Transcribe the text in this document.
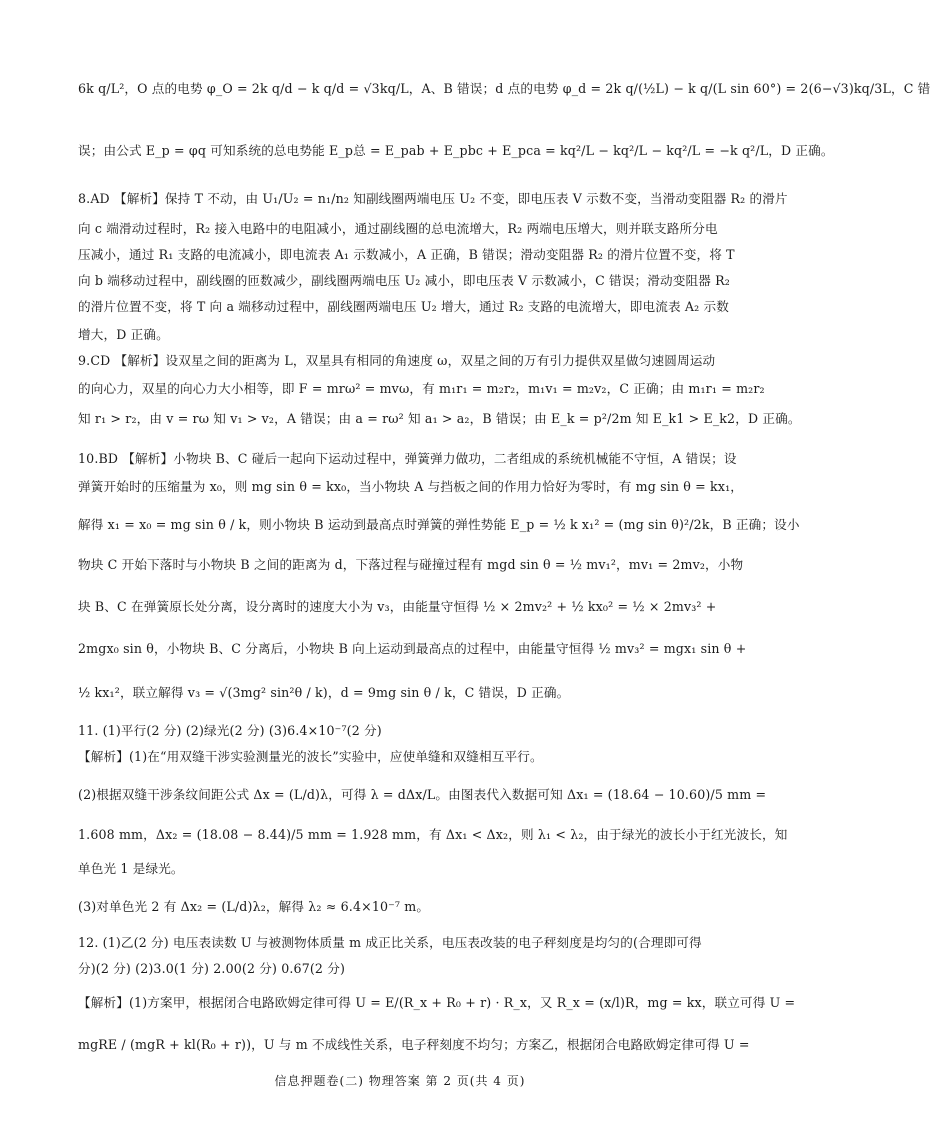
6k q/L²，O 点的电势 φ_O = 2k q/d − k q/d = √3kq/L，A、B 错误；d 点的电势 φ_d = 2k q/(½L) − k q/(L sin 60°) = 2(6−√3)kq/3L，C 错
误；由公式 E_p = φq 可知系统的总电势能 E_p总 = E_pab + E_pbc + E_pca = kq²/L − kq²/L − kq²/L = −k q²/L，D 正确。
8.AD 【解析】保持 T 不动，由 U₁/U₂ = n₁/n₂ 知副线圈两端电压 U₂ 不变，即电压表 V 示数不变，当滑动变阻器 R₂ 的滑片
向 c 端滑动过程时，R₂ 接入电路中的电阻减小，通过副线圈的总电流增大，R₂ 两端电压增大，则并联支路所分电
压减小，通过 R₁ 支路的电流减小，即电流表 A₁ 示数减小，A 正确，B 错误；滑动变阻器 R₂ 的滑片位置不变，将 T
向 b 端移动过程中，副线圈的匝数减少，副线圈两端电压 U₂ 减小，即电压表 V 示数减小，C 错误；滑动变阻器 R₂
的滑片位置不变，将 T 向 a 端移动过程中，副线圈两端电压 U₂ 增大，通过 R₂ 支路的电流增大，即电流表 A₂ 示数
增大，D 正确。
9.CD 【解析】设双星之间的距离为 L，双星具有相同的角速度 ω，双星之间的万有引力提供双星做匀速圆周运动
的向心力，双星的向心力大小相等，即 F = mrω² = mvω，有 m₁r₁ = m₂r₂，m₁v₁ = m₂v₂，C 正确；由 m₁r₁ = m₂r₂
知 r₁ > r₂，由 v = rω 知 v₁ > v₂，A 错误；由 a = rω² 知 a₁ > a₂，B 错误；由 E_k = p²/2m 知 E_k1 > E_k2，D 正确。
10.BD 【解析】小物块 B、C 碰后一起向下运动过程中，弹簧弹力做功，二者组成的系统机械能不守恒，A 错误；设
弹簧开始时的压缩量为 x₀，则 mg sin θ = kx₀，当小物块 A 与挡板之间的作用力恰好为零时，有 mg sin θ = kx₁，
解得 x₁ = x₀ = mg sin θ / k，则小物块 B 运动到最高点时弹簧的弹性势能 E_p = ½ k x₁² = (mg sin θ)²/2k，B 正确；设小
物块 C 开始下落时与小物块 B 之间的距离为 d，下落过程与碰撞过程有 mgd sin θ = ½ mv₁²，mv₁ = 2mv₂，小物
块 B、C 在弹簧原长处分离，设分离时的速度大小为 v₃，由能量守恒得 ½ × 2mv₂² + ½ kx₀² = ½ × 2mv₃² +
2mgx₀ sin θ，小物块 B、C 分离后，小物块 B 向上运动到最高点的过程中，由能量守恒得 ½ mv₃² = mgx₁ sin θ +
½ kx₁²，联立解得 v₃ = √(3mg² sin²θ / k)，d = 9mg sin θ / k，C 错误，D 正确。
11. (1)平行(2 分) (2)绿光(2 分) (3)6.4×10⁻⁷(2 分)
【解析】(1)在“用双缝干涉实验测量光的波长”实验中，应使单缝和双缝相互平行。
(2)根据双缝干涉条纹间距公式 Δx = (L/d)λ，可得 λ = dΔx/L。由图表代入数据可知 Δx₁ = (18.64 − 10.60)/5 mm =
1.608 mm，Δx₂ = (18.08 − 8.44)/5 mm = 1.928 mm，有 Δx₁ < Δx₂，则 λ₁ < λ₂，由于绿光的波长小于红光波长，知
单色光 1 是绿光。
(3)对单色光 2 有 Δx₂ = (L/d)λ₂，解得 λ₂ ≈ 6.4×10⁻⁷ m。
12. (1)乙(2 分) 电压表读数 U 与被测物体质量 m 成正比关系，电压表改装的电子秤刻度是均匀的(合理即可得
分)(2 分) (2)3.0(1 分) 2.00(2 分) 0.67(2 分)
【解析】(1)方案甲，根据闭合电路欧姆定律可得 U = E/(R_x + R₀ + r) · R_x，又 R_x = (x/l)R，mg = kx，联立可得 U =
mgRE / (mgR + kl(R₀ + r))，U 与 m 不成线性关系，电子秤刻度不均匀；方案乙，根据闭合电路欧姆定律可得 U =
信息押题卷(二) 物理答案 第 2 页(共 4 页)
